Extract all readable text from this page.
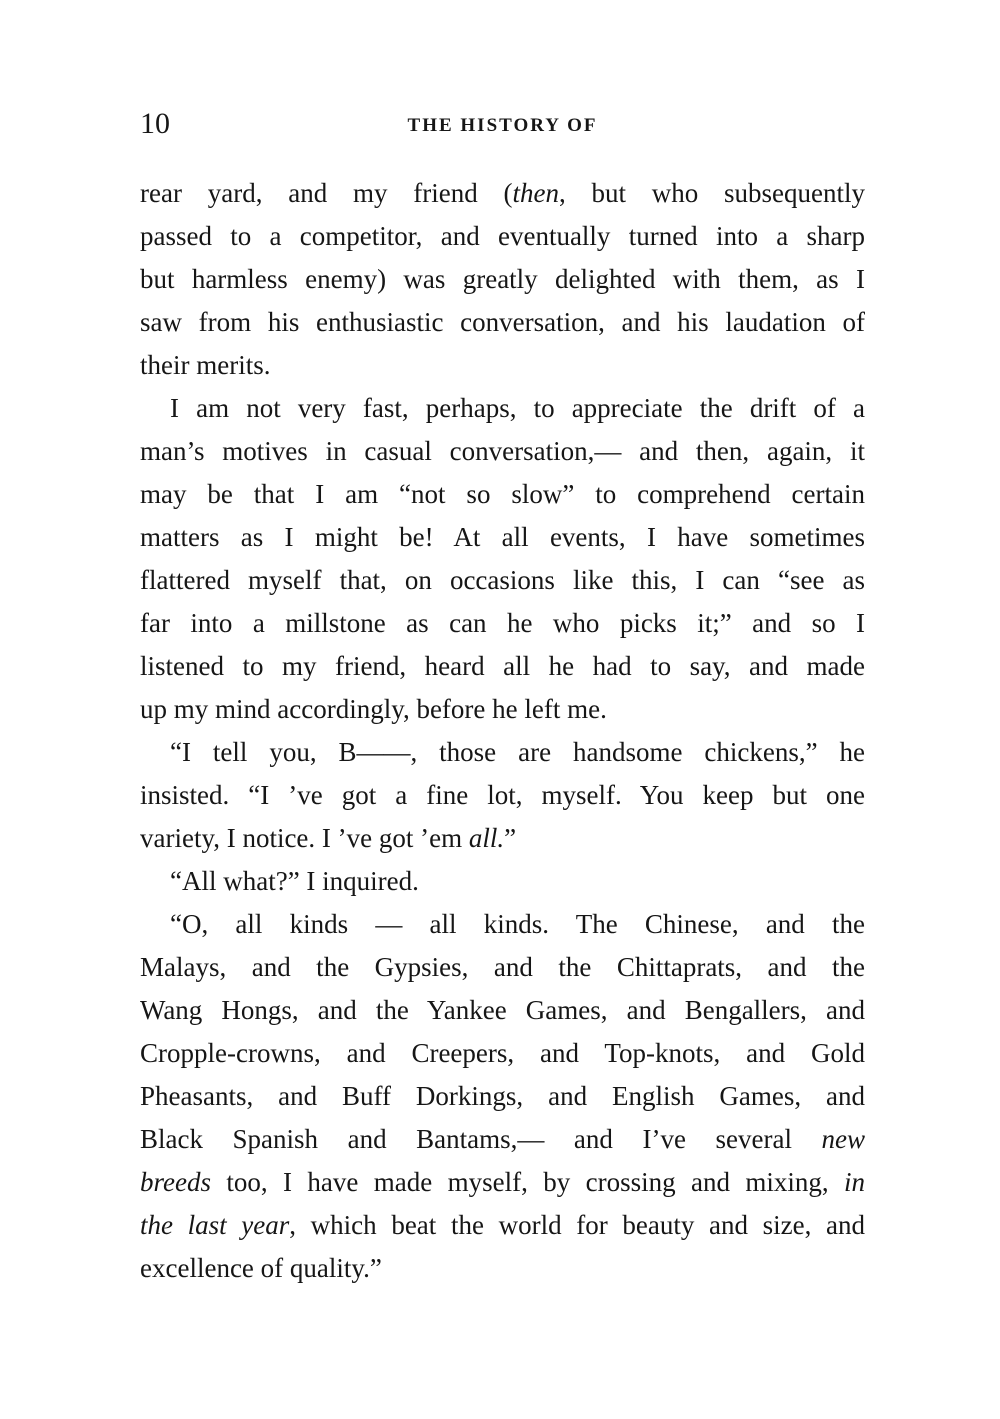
10	THE HISTORY OF
rear yard, and my friend (then, but who subsequently
passed to a competitor, and eventually turned into a sharp
but harmless enemy) was greatly delighted with them, as I
saw from his enthusiastic conversation, and his laudation of
their merits.
I am not very fast, perhaps, to appreciate the drift of a
man’s motives in casual conversation,— and then, again, it
may be that I am “not so slow” to comprehend certain
matters as I might be! At all events, I have sometimes
flattered myself that, on occasions like this, I can “see as
far into a millstone as can he who picks it;” and so I
listened to my friend, heard all he had to say, and made
up my mind accordingly, before he left me.
“I tell you, B——, those are handsome chickens,” he
insisted. “I ’ve got a fine lot, myself. You keep but one
variety, I notice. I ’ve got ’em all.”
“All what?” I inquired.
“O, all kinds — all kinds. The Chinese, and the
Malays, and the Gypsies, and the Chittaprats, and the
Wang Hongs, and the Yankee Games, and Bengallers, and
Cropple-crowns, and Creepers, and Top-knots, and Gold
Pheasants, and Buff Dorkings, and English Games, and
Black Spanish and Bantams,— and I’ve several new
breeds too, I have made myself, by crossing and mixing, in
the last year, which beat the world for beauty and size, and
excellence of quality.”
